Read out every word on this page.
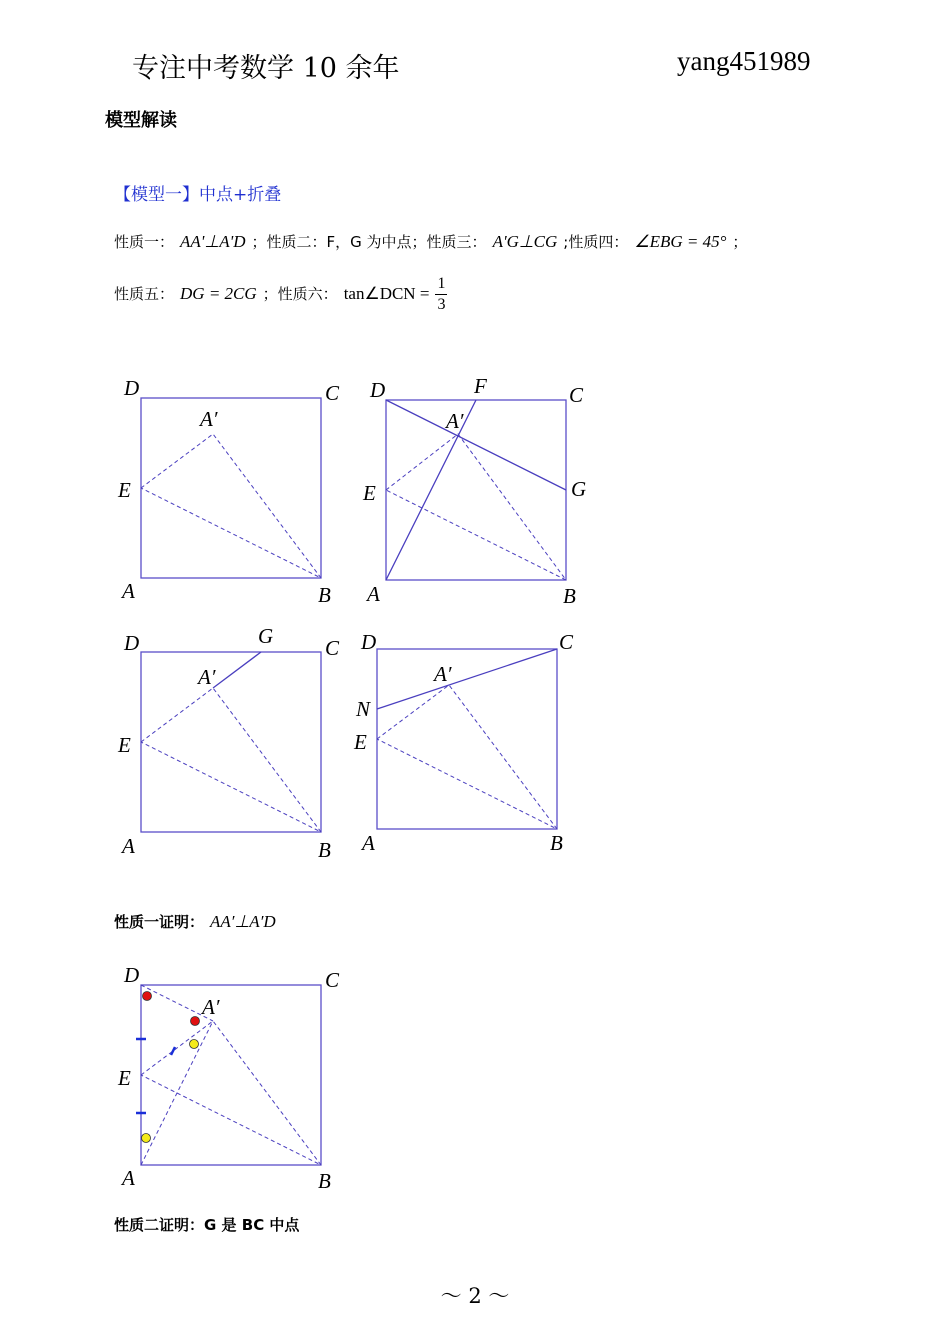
专注中考数学 10 余年	yang451989
模型解读
【模型一】中点+折叠
性质一： AA'⊥A'D ；性质二：F，G 为中点；性质三： A'G⊥CG ;性质四： ∠EBG = 45° ；
性质五： DG = 2CG ；性质六： tan∠DCN = $\frac{1}{3}$
D	C
A′
E
A	B
D	F	C
A′
E	G
A	B
D	G C
A′
E
A	B
D	C
A′
N
E
A	B
D	C
A′
E
A	B
性质一证明： AA′⊥A′D
性质二证明：G 是 BC 中点
～ 2 ～
